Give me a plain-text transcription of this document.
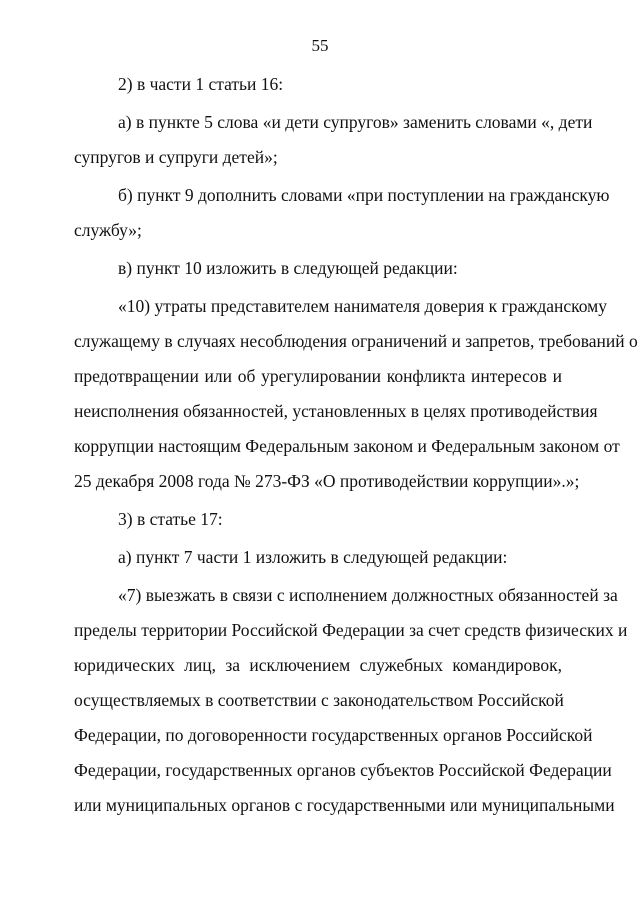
55
2) в части 1 статьи 16:
а) в пункте 5 слова «и дети супругов» заменить словами «, дети
супругов и супруги детей»;
б) пункт 9 дополнить словами «при поступлении на гражданскую
службу»;
в) пункт 10 изложить в следующей редакции:
«10) утраты представителем нанимателя доверия к гражданскому
служащему в случаях несоблюдения ограничений и запретов, требований о
предотвращении или об урегулировании конфликта интересов и
неисполнения обязанностей, установленных в целях противодействия
коррупции настоящим Федеральным законом и Федеральным законом от
25 декабря 2008 года № 273-ФЗ «О противодействии коррупции».»;
3) в статье 17:
а) пункт 7 части 1 изложить в следующей редакции:
«7) выезжать в связи с исполнением должностных обязанностей за
пределы территории Российской Федерации за счет средств физических и
юридических лиц, за исключением служебных командировок,
осуществляемых в соответствии с законодательством Российской
Федерации, по договоренности государственных органов Российской
Федерации, государственных органов субъектов Российской Федерации
или муниципальных органов с государственными или муниципальными
